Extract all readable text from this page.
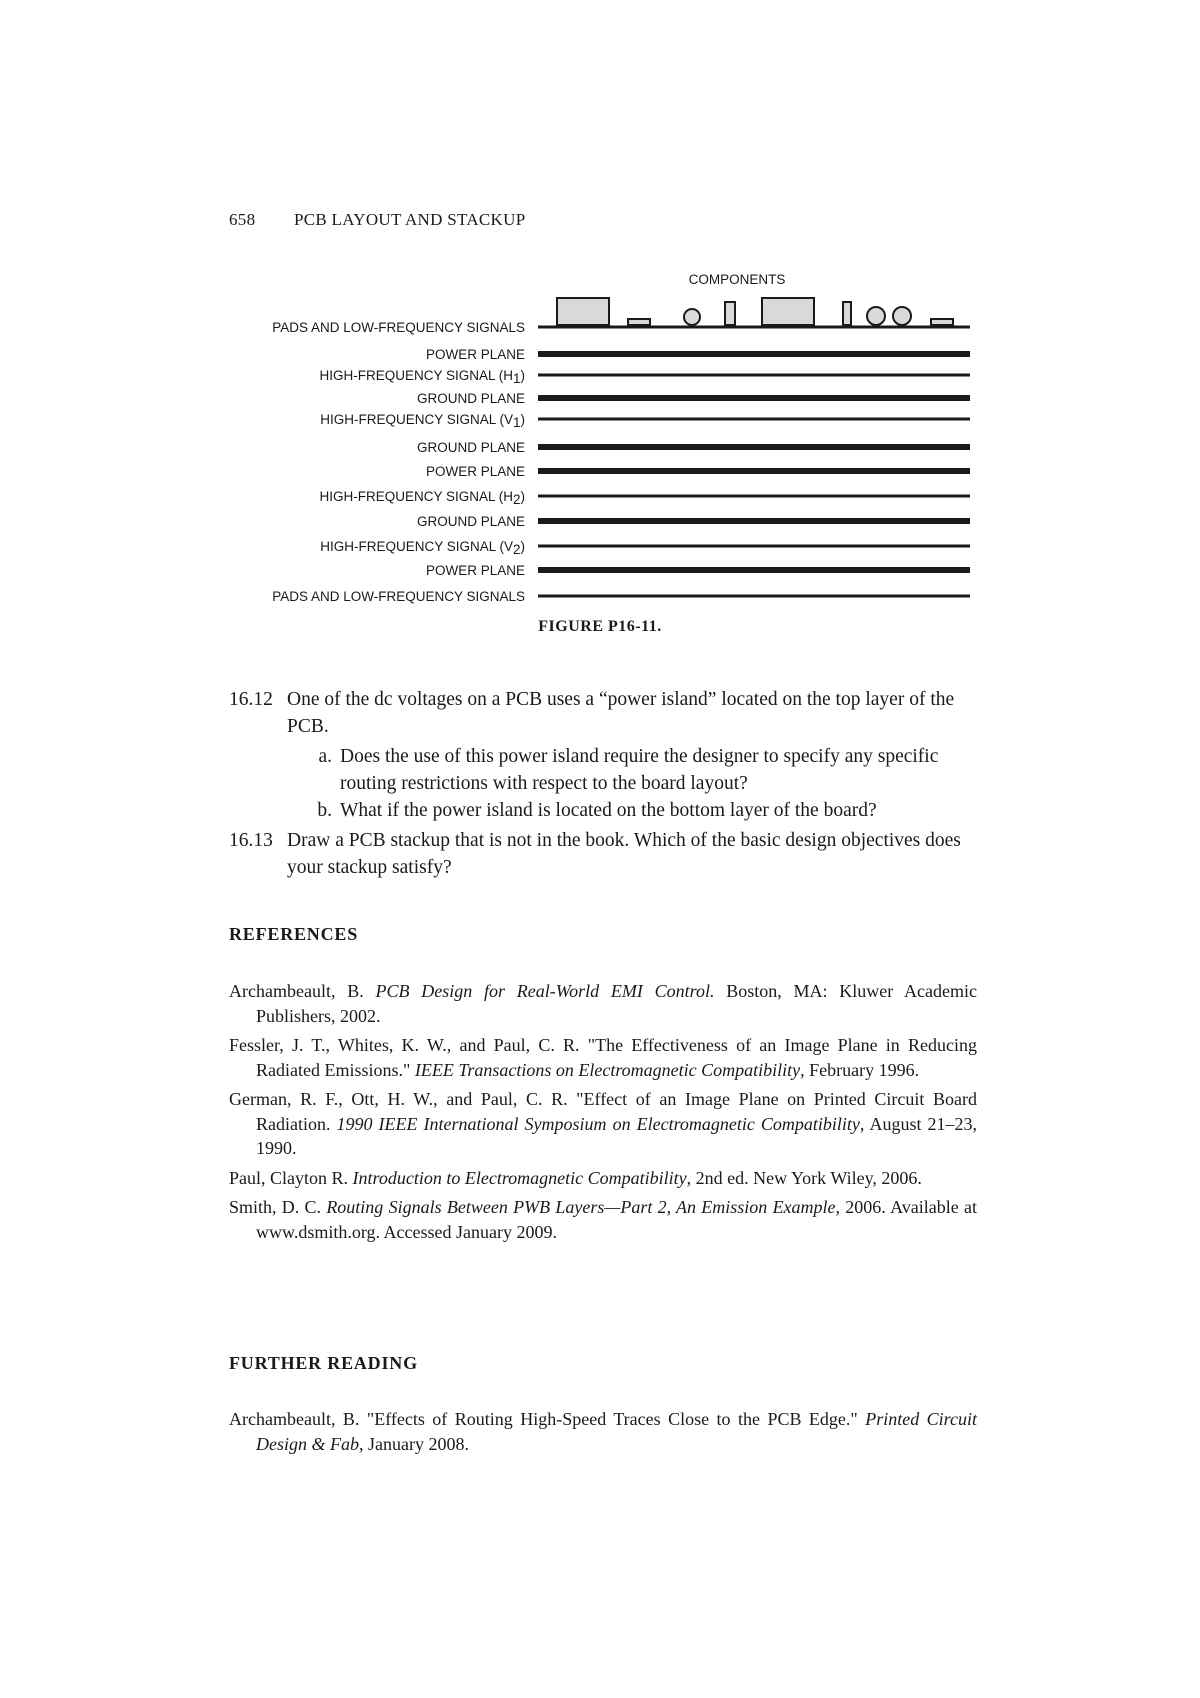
658 PCB LAYOUT AND STACKUP
COMPONENTS
PADS AND LOW-FREQUENCY SIGNALS
POWER PLANE
HIGH-FREQUENCY SIGNAL (H1)
GROUND PLANE
HIGH-FREQUENCY SIGNAL (V1)
GROUND PLANE
POWER PLANE
HIGH-FREQUENCY SIGNAL (H2)
GROUND PLANE
HIGH-FREQUENCY SIGNAL (V2)
POWER PLANE
PADS AND LOW-FREQUENCY SIGNALS
FIGURE P16-11.
16.12 One of the dc voltages on a PCB uses a “power island” located on the top layer of the PCB.
a. Does the use of this power island require the designer to specify any specific routing restrictions with respect to the board layout?
b. What if the power island is located on the bottom layer of the board?
16.13 Draw a PCB stackup that is not in the book. Which of the basic design objectives does your stackup satisfy?
REFERENCES
Archambeault, B. PCB Design for Real-World EMI Control. Boston, MA: Kluwer Academic Publishers, 2002.
Fessler, J. T., Whites, K. W., and Paul, C. R. "The Effectiveness of an Image Plane in Reducing Radiated Emissions." IEEE Transactions on Electromagnetic Compatibility, February 1996.
German, R. F., Ott, H. W., and Paul, C. R. "Effect of an Image Plane on Printed Circuit Board Radiation. 1990 IEEE International Symposium on Electromagnetic Compatibility, August 21–23, 1990.
Paul, Clayton R. Introduction to Electromagnetic Compatibility, 2nd ed. New York Wiley, 2006.
Smith, D. C. Routing Signals Between PWB Layers—Part 2, An Emission Example, 2006. Available at www.dsmith.org. Accessed January 2009.
FURTHER READING
Archambeault, B. "Effects of Routing High-Speed Traces Close to the PCB Edge." Printed Circuit Design & Fab, January 2008.
